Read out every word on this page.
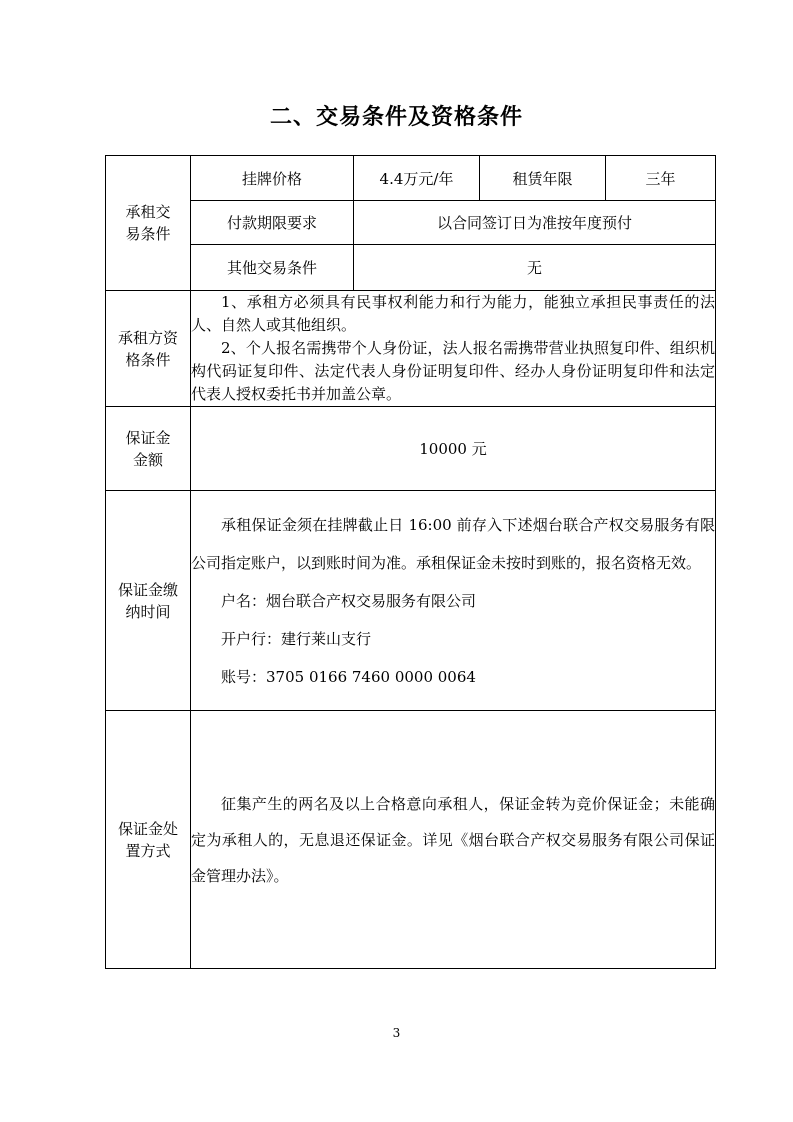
二、交易条件及资格条件
承租交易条件	挂牌价格	4.4万元/年	租赁年限	三年
	付款期限要求	以合同签订日为准按年度预付		
	其他交易条件	无		

承租方资格条件	1、承租方必须具有民事权利能力和行为能力，能独立承担民事责任的法人、自然人或其他组织。

2、个人报名需携带个人身份证，法人报名需携带营业执照复印件、组织机构代码证复印件、法定代表人身份证明复印件、经办人身份证明复印件和法定代表人授权委托书并加盖公章。			

保证金金额	10000 元			

保证金缴纳时间	承租保证金须在挂牌截止日 16:00 前存入下述烟台联合产权交易服务有限公司指定账户，以到账时间为准。承租保证金未按时到账的，报名资格无效。

户名：烟台联合产权交易服务有限公司

开户行：建行莱山支行

账号：3705 0166 7460 0000 0064			

保证金处置方式	征集产生的两名及以上合格意向承租人，保证金转为竞价保证金；未能确定为承租人的，无息退还保证金。详见《烟台联合产权交易服务有限公司保证金管理办法》。			

3
